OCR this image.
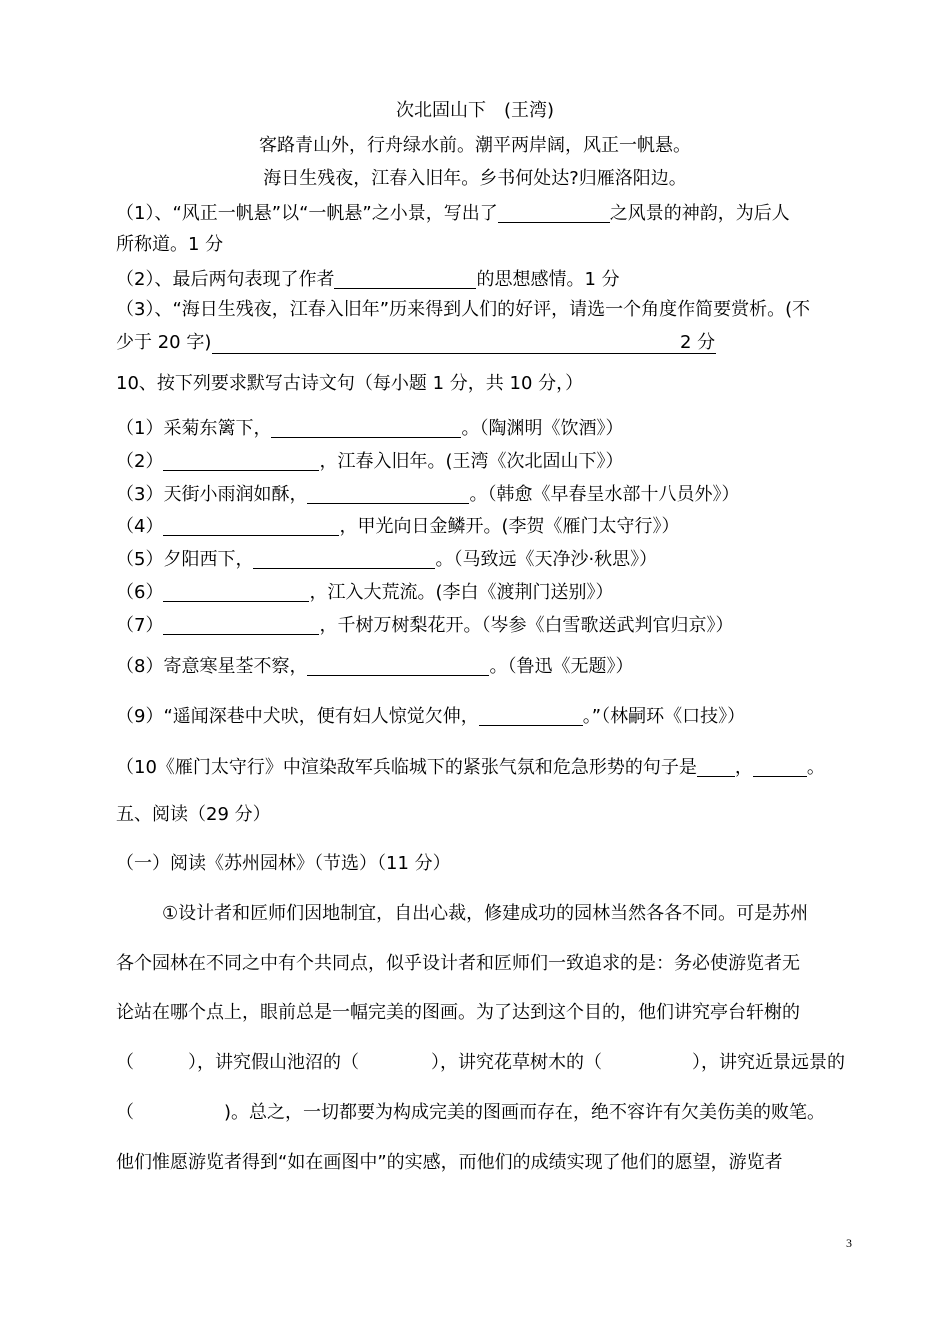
次北固山下　(王湾)
客路青山外，行舟绿水前。潮平两岸阔，风正一帆悬。
海日生残夜，江春入旧年。乡书何处达?归雁洛阳边。
（1）、“风正一帆悬”以“一帆悬”之小景，写出了	之风景的神韵，为后人
所称道。1 分
（2）、最后两句表现了作者	的思想感情。1 分
（3）、“海日生残夜，江春入旧年”历来得到人们的好评，请选一个角度作简要赏析。(不
少于 20 字)	2 分
10、按下列要求默写古诗文句（每小题 1 分，共 10 分，）
（1）采菊东篱下，	。（陶渊明《饮酒》）
（2）	，江春入旧年。(王湾《次北固山下》）
（3）天街小雨润如酥，	。（韩愈《早春呈水部十八员外》）
（4）	，甲光向日金鳞开。(李贺《雁门太守行》）
（5）夕阳西下，	。（马致远《天净沙·秋思》）
（6）	，江入大荒流。(李白《渡荆门送别》）
（7）	，千树万树梨花开。（岑参《白雪歌送武判官归京》）
（8）寄意寒星荃不察，	。（鲁迅《无题》）
（9）“遥闻深巷中犬吠，便有妇人惊觉欠伸，	。”（林嗣环《口技》）
（10《雁门太守行》中渲染敌军兵临城下的紧张气氛和危急形势的句子是 ，	。
五、阅读（29 分）
（一）阅读《苏州园林》（节选）（11 分）
①设计者和匠师们因地制宜，自出心裁，修建成功的园林当然各各不同。可是苏州
各个园林在不同之中有个共同点，似乎设计者和匠师们一致追求的是：务必使游览者无
论站在哪个点上，眼前总是一幅完美的图画。为了达到这个目的，他们讲究亭台轩榭的
（　　　），讲究假山池沼的（　　　　），讲究花草树木的（　　　　　），讲究近景远景的
（　　　　　)。总之，一切都要为构成完美的图画而存在，绝不容许有欠美伤美的败笔。
他们惟愿游览者得到“如在画图中”的实感，而他们的成绩实现了他们的愿望，游览者
3
